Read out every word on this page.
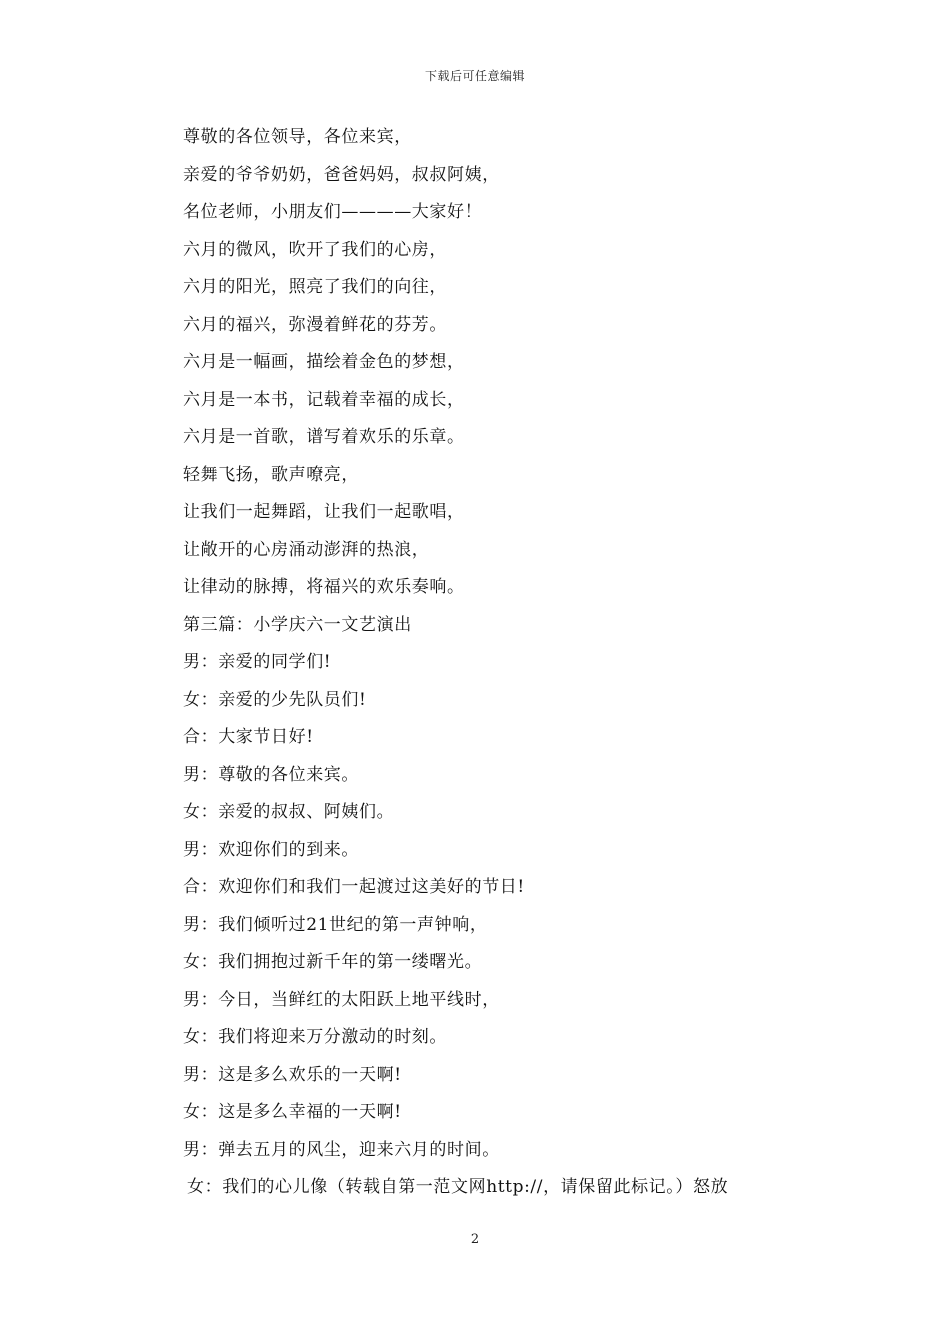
下载后可任意编辑
尊敬的各位领导，各位来宾，
亲爱的爷爷奶奶，爸爸妈妈，叔叔阿姨，
名位老师，小朋友们————大家好！
六月的微风，吹开了我们的心房，
六月的阳光，照亮了我们的向往，
六月的福兴，弥漫着鲜花的芬芳。
六月是一幅画，描绘着金色的梦想，
六月是一本书，记载着幸福的成长，
六月是一首歌，谱写着欢乐的乐章。
轻舞飞扬，歌声嘹亮，
让我们一起舞蹈，让我们一起歌唱，
让敞开的心房涌动澎湃的热浪，
让律动的脉搏，将福兴的欢乐奏响。
第三篇：小学庆六一文艺演出
男：亲爱的同学们!
女：亲爱的少先队员们!
合：大家节日好!
男：尊敬的各位来宾。
女：亲爱的叔叔、阿姨们。
男：欢迎你们的到来。
合：欢迎你们和我们一起渡过这美好的节日!
男：我们倾听过21世纪的第一声钟响，
女：我们拥抱过新千年的第一缕曙光。
男：今日，当鲜红的太阳跃上地平线时，
女：我们将迎来万分激动的时刻。
男：这是多么欢乐的一天啊!
女：这是多么幸福的一天啊!
男：弹去五月的风尘，迎来六月的时间。
女：我们的心儿像（转载自第一范文网http://，请保留此标记。）怒放
2
